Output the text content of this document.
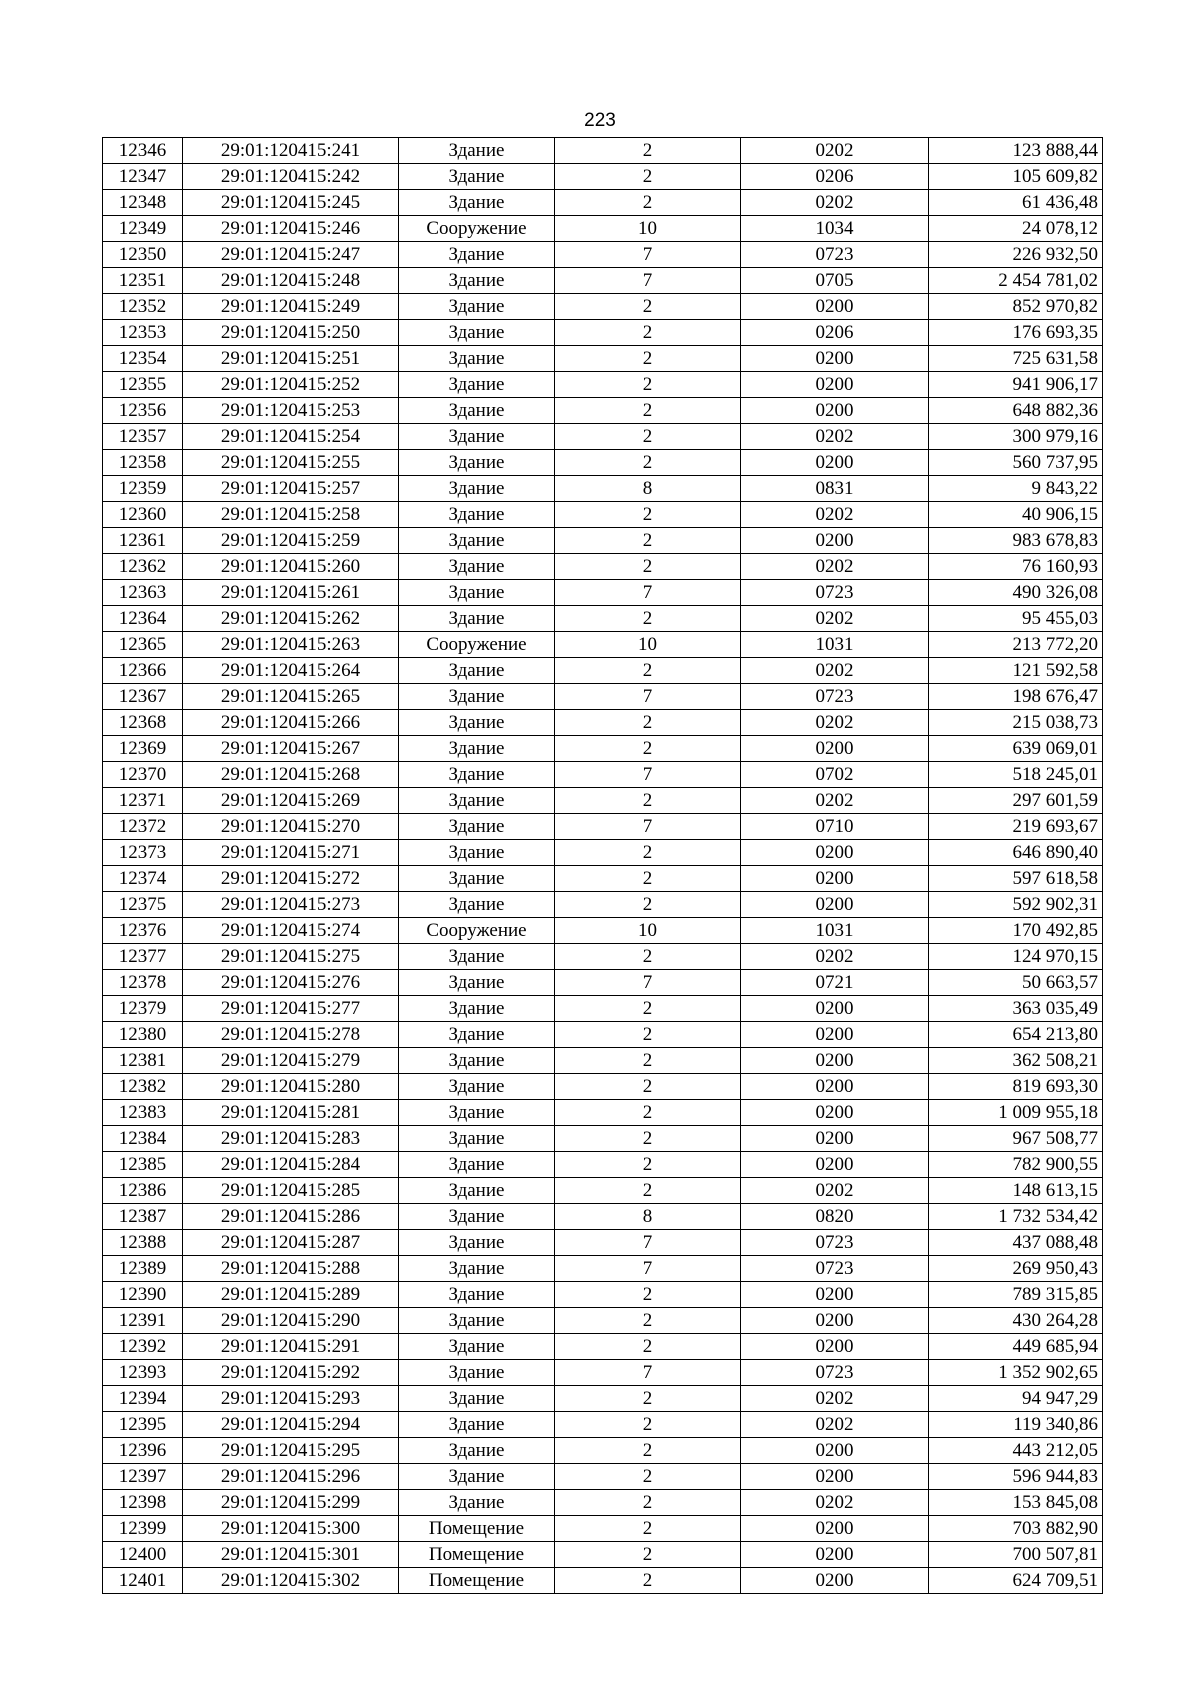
223
12346	29:01:120415:241	Здание	2	0202	123 888,44
12347	29:01:120415:242	Здание	2	0206	105 609,82
12348	29:01:120415:245	Здание	2	0202	61 436,48
12349	29:01:120415:246	Сооружение	10	1034	24 078,12
12350	29:01:120415:247	Здание	7	0723	226 932,50
12351	29:01:120415:248	Здание	7	0705	2 454 781,02
12352	29:01:120415:249	Здание	2	0200	852 970,82
12353	29:01:120415:250	Здание	2	0206	176 693,35
12354	29:01:120415:251	Здание	2	0200	725 631,58
12355	29:01:120415:252	Здание	2	0200	941 906,17
12356	29:01:120415:253	Здание	2	0200	648 882,36
12357	29:01:120415:254	Здание	2	0202	300 979,16
12358	29:01:120415:255	Здание	2	0200	560 737,95
12359	29:01:120415:257	Здание	8	0831	9 843,22
12360	29:01:120415:258	Здание	2	0202	40 906,15
12361	29:01:120415:259	Здание	2	0200	983 678,83
12362	29:01:120415:260	Здание	2	0202	76 160,93
12363	29:01:120415:261	Здание	7	0723	490 326,08
12364	29:01:120415:262	Здание	2	0202	95 455,03
12365	29:01:120415:263	Сооружение	10	1031	213 772,20
12366	29:01:120415:264	Здание	2	0202	121 592,58
12367	29:01:120415:265	Здание	7	0723	198 676,47
12368	29:01:120415:266	Здание	2	0202	215 038,73
12369	29:01:120415:267	Здание	2	0200	639 069,01
12370	29:01:120415:268	Здание	7	0702	518 245,01
12371	29:01:120415:269	Здание	2	0202	297 601,59
12372	29:01:120415:270	Здание	7	0710	219 693,67
12373	29:01:120415:271	Здание	2	0200	646 890,40
12374	29:01:120415:272	Здание	2	0200	597 618,58
12375	29:01:120415:273	Здание	2	0200	592 902,31
12376	29:01:120415:274	Сооружение	10	1031	170 492,85
12377	29:01:120415:275	Здание	2	0202	124 970,15
12378	29:01:120415:276	Здание	7	0721	50 663,57
12379	29:01:120415:277	Здание	2	0200	363 035,49
12380	29:01:120415:278	Здание	2	0200	654 213,80
12381	29:01:120415:279	Здание	2	0200	362 508,21
12382	29:01:120415:280	Здание	2	0200	819 693,30
12383	29:01:120415:281	Здание	2	0200	1 009 955,18
12384	29:01:120415:283	Здание	2	0200	967 508,77
12385	29:01:120415:284	Здание	2	0200	782 900,55
12386	29:01:120415:285	Здание	2	0202	148 613,15
12387	29:01:120415:286	Здание	8	0820	1 732 534,42
12388	29:01:120415:287	Здание	7	0723	437 088,48
12389	29:01:120415:288	Здание	7	0723	269 950,43
12390	29:01:120415:289	Здание	2	0200	789 315,85
12391	29:01:120415:290	Здание	2	0200	430 264,28
12392	29:01:120415:291	Здание	2	0200	449 685,94
12393	29:01:120415:292	Здание	7	0723	1 352 902,65
12394	29:01:120415:293	Здание	2	0202	94 947,29
12395	29:01:120415:294	Здание	2	0202	119 340,86
12396	29:01:120415:295	Здание	2	0200	443 212,05
12397	29:01:120415:296	Здание	2	0200	596 944,83
12398	29:01:120415:299	Здание	2	0202	153 845,08
12399	29:01:120415:300	Помещение	2	0200	703 882,90
12400	29:01:120415:301	Помещение	2	0200	700 507,81
12401	29:01:120415:302	Помещение	2	0200	624 709,51
